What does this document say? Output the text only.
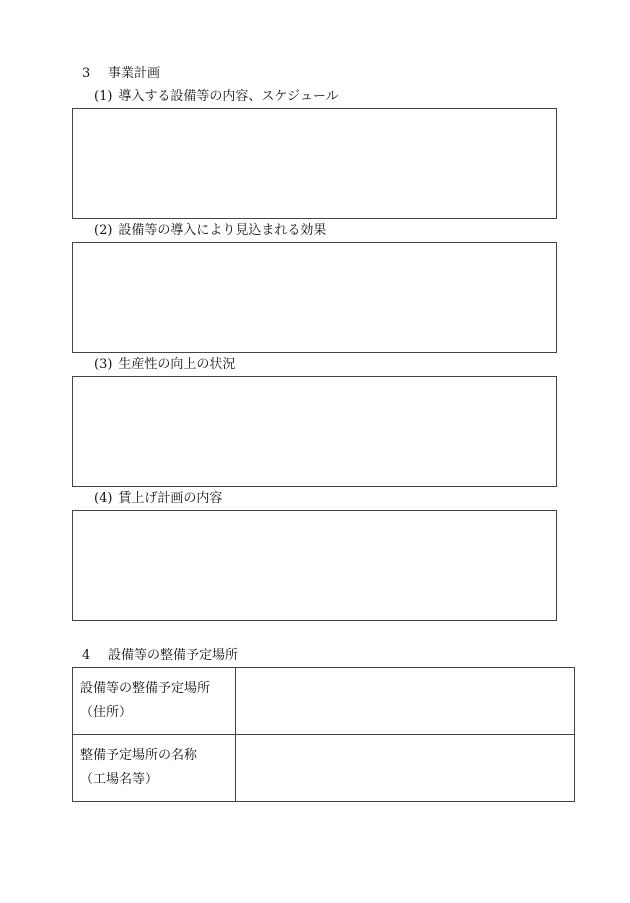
3 事業計画
(1) 導入する設備等の内容、スケジュール
(2) 設備等の導入により見込まれる効果
(3) 生産性の向上の状況
(4) 賃上げ計画の内容
4 設備等の整備予定場所
設備等の整備予定場所
（住所）	

整備予定場所の名称
（工場名等）	
